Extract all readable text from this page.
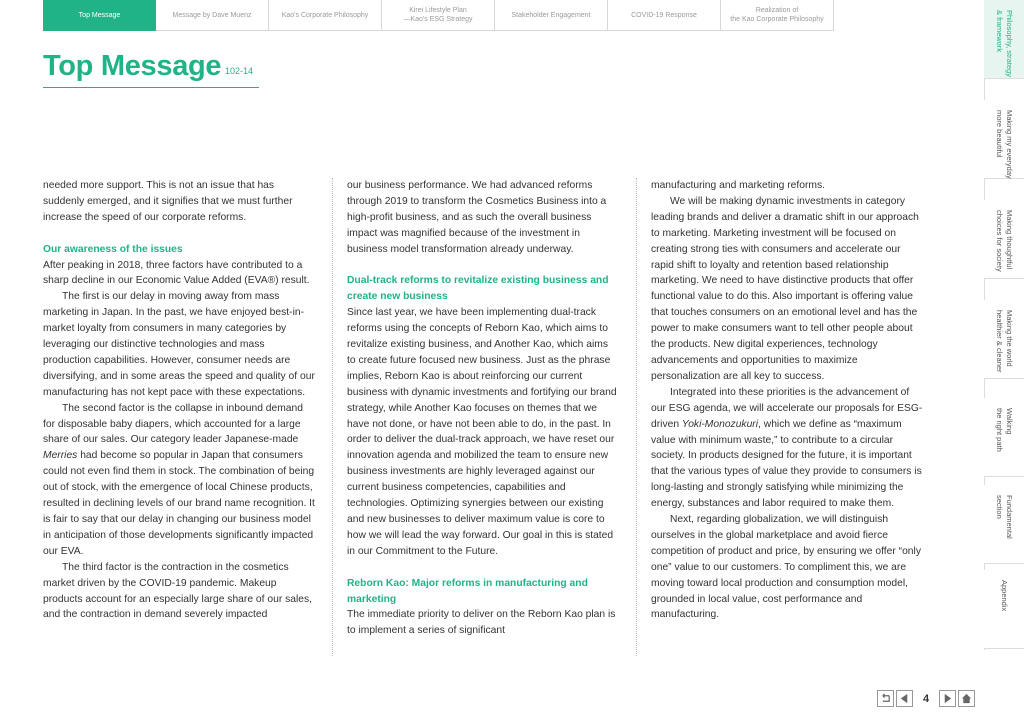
Top Message	Message by Dave Muenz	Kao's Corporate Philosophy
Kirei Lifestyle Plan
—Kao's ESG Strategy
Stakeholder Engagement	COVID-19 Response
Realization of
the Kao Corporate Philosophy
Top Message 102-14

needed more support. This is not an issue that has suddenly emerged, and it signifies that we must further increase the speed of our corporate reforms.

Our awareness of the issues

After peaking in 2018, three factors have contributed to a sharp decline in our Economic Value Added (EVA®) result.

The first is our delay in moving away from mass marketing in Japan. In the past, we have enjoyed best-in-market loyalty from consumers in many categories by leveraging our distinctive technologies and mass production capabilities. However, consumer needs are diversifying, and in some areas the speed and quality of our manufacturing has not kept pace with these expectations.

The second factor is the collapse in inbound demand for disposable baby diapers, which accounted for a large share of our sales. Our category leader Japanese-made Merries had become so popular in Japan that consumers could not even find them in stock. The combination of being out of stock, with the emergence of local Chinese products, resulted in declining levels of our brand name recognition. It is fair to say that our delay in changing our business model in anticipation of those developments significantly impacted our EVA.

The third factor is the contraction in the cosmetics market driven by the COVID-19 pandemic. Makeup products account for an especially large share of our sales, and the contraction in demand severely impacted

our business performance. We had advanced reforms through 2019 to transform the Cosmetics Business into a high-profit business, and as such the overall business impact was magnified because of the investment in business model transformation already underway.

Dual-track reforms to revitalize existing business and create new business

Since last year, we have been implementing dual-track reforms using the concepts of Reborn Kao, which aims to revitalize existing business, and Another Kao, which aims to create future focused new business. Just as the phrase implies, Reborn Kao is about reinforcing our current business with dynamic investments and fortifying our brand strategy, while Another Kao focuses on themes that we have not done, or have not been able to do, in the past. In order to deliver the dual-track approach, we have reset our innovation agenda and mobilized the team to ensure new business investments are highly leveraged against our current business competencies, capabilities and technologies. Optimizing synergies between our existing and new businesses to deliver maximum value is core to how we will lead the way forward. Our goal in this is stated in our Commitment to the Future.

Reborn Kao: Major reforms in manufacturing and marketing

The immediate priority to deliver on the Reborn Kao plan is to implement a series of significant

manufacturing and marketing reforms.

We will be making dynamic investments in category leading brands and deliver a dramatic shift in our approach to marketing. Marketing investment will be focused on creating strong ties with consumers and accelerate our rapid shift to loyalty and retention based relationship marketing. We need to have distinctive products that offer functional value to do this. Also important is offering value that touches consumers on an emotional level and has the power to make consumers want to tell other people about the products. New digital experiences, technology advancements and opportunities to maximize personalization are all key to success.

Integrated into these priorities is the advancement of our ESG agenda, we will accelerate our proposals for ESG-driven Yoki-Monozukuri, which we define as “maximum value with minimum waste,” to contribute to a circular society. In products designed for the future, it is important that the various types of value they provide to consumers is long-lasting and strongly satisfying while minimizing the energy, substances and labor required to make them.

Next, regarding globalization, we will distinguish ourselves in the global marketplace and avoid fierce competition of product and price, by ensuring we offer “only one” value to our customers. To compliment this, we are moving toward local production and consumption model, grounded in local value, cost performance and manufacturing.

Philosophy, strategy
& framework
Making my everyday
more beautiful
Making thoughtful
choices for society
Making the world
healthier & cleaner
Walking
the right path
Fundamental
section
Appendix
4
